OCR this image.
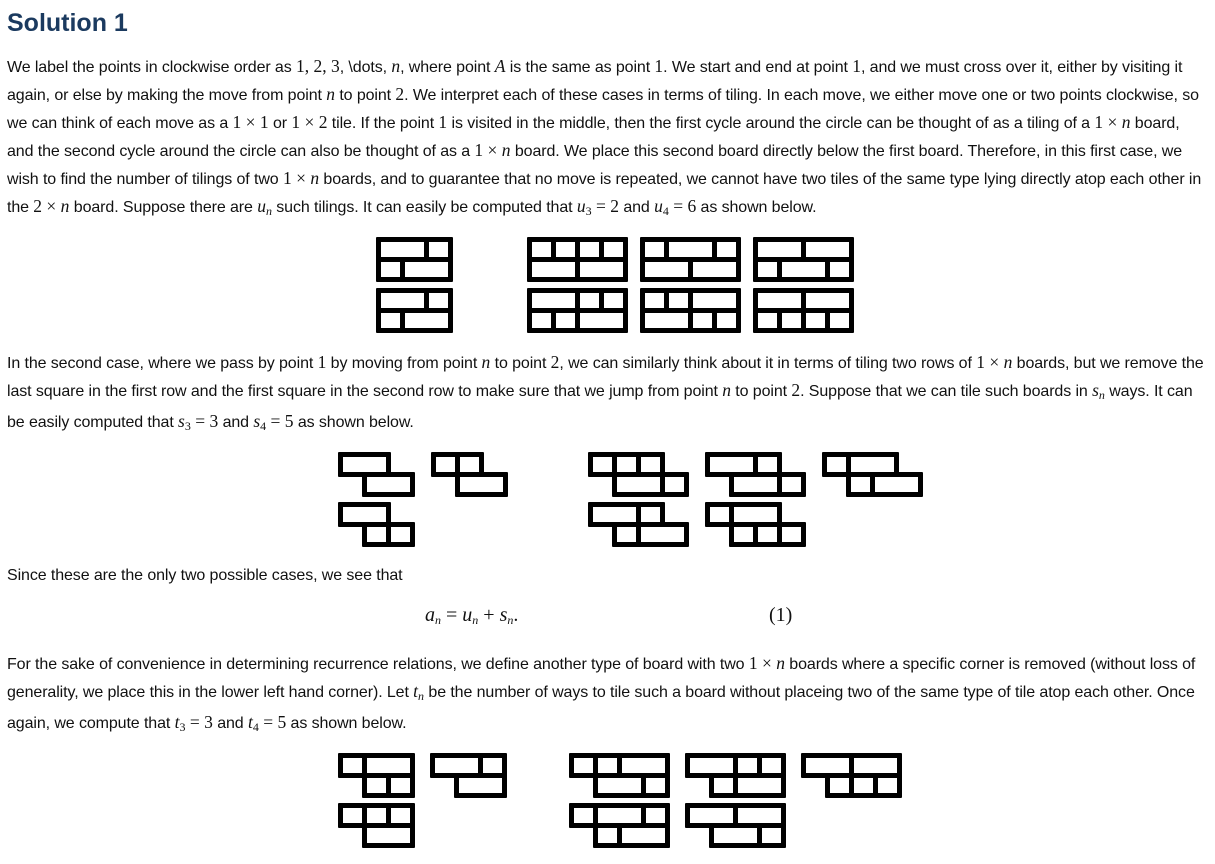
Solution 1

We label the points in clockwise order as 1, 2, 3, \dots, n, where point A is the same as point 1. We start and end at point 1, and we must cross over it, either by visiting it again, or else by making the move from point n to point 2. We interpret each of these cases in terms of tiling. In each move, we either move one or two points clockwise, so we can think of each move as a 1 × 1 or 1 × 2 tile. If the point 1 is visited in the middle, then the first cycle around the circle can be thought of as a tiling of a 1 × n board, and the second cycle around the circle can also be thought of as a 1 × n board. We place this second board directly below the first board. Therefore, in this first case, we wish to find the number of tilings of two 1 × n boards, and to guarantee that no move is repeated, we cannot have two tiles of the same type lying directly atop each other in the 2 × n board. Suppose there are $u_n$ such tilings. It can easily be computed that $u_3 = 2$ and $u_4 = 6$ as shown below.

In the second case, where we pass by point 1 by moving from point n to point 2, we can similarly think about it in terms of tiling two rows of 1 × n boards, but we remove the last square in the first row and the first square in the second row to make sure that we jump from point n to point 2. Suppose that we can tile such boards in $s_n$ ways. It can be easily computed that $s_3 = 3$ and $s_4 = 5$ as shown below.

Since these are the only two possible cases, we see that

$a_n = u_n + s_n$.	(1)

For the sake of convenience in determining recurrence relations, we define another type of board with two 1 × n boards where a specific corner is removed (without loss of generality, we place this in the lower left hand corner). Let $t_n$ be the number of ways to tile such a board without placeing two of the same type of tile atop each other. Once again, we compute that $t_3 = 3$ and $t_4 = 5$ as shown below.
